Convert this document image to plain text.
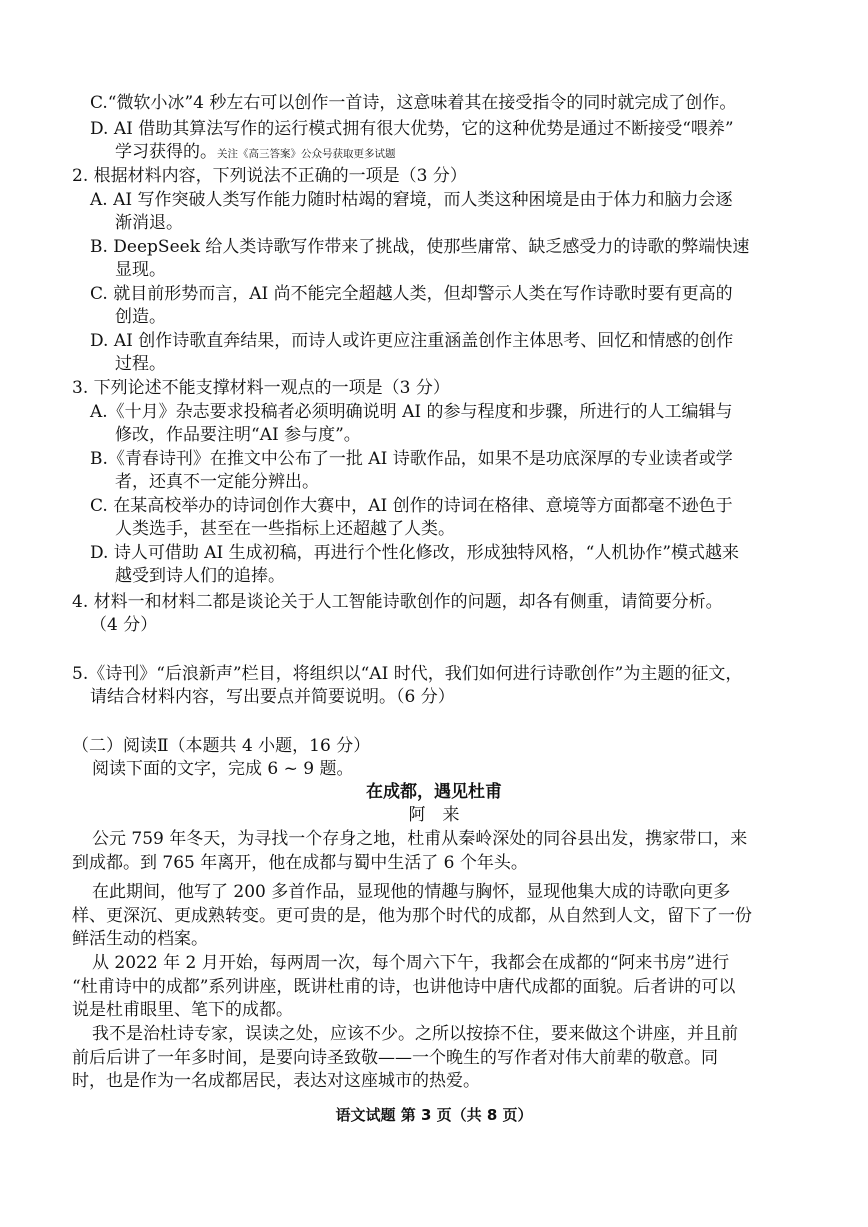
C.“微软小冰”4 秒左右可以创作一首诗，这意味着其在接受指令的同时就完成了创作。
D. AI 借助其算法写作的运行模式拥有很大优势，它的这种优势是通过不断接受“喂养”
学习获得的。关注《高三答案》公众号获取更多试题
2. 根据材料内容，下列说法不正确的一项是（3 分）
A. AI 写作突破人类写作能力随时枯竭的窘境，而人类这种困境是由于体力和脑力会逐
渐消退。
B. DeepSeek 给人类诗歌写作带来了挑战，使那些庸常、缺乏感受力的诗歌的弊端快速
显现。
C. 就目前形势而言，AI 尚不能完全超越人类，但却警示人类在写作诗歌时要有更高的
创造。
D. AI 创作诗歌直奔结果，而诗人或许更应注重涵盖创作主体思考、回忆和情感的创作
过程。
3. 下列论述不能支撑材料一观点的一项是（3 分）
A.《十月》杂志要求投稿者必须明确说明 AI 的参与程度和步骤，所进行的人工编辑与
修改，作品要注明“AI 参与度”。
B.《青春诗刊》在推文中公布了一批 AI 诗歌作品，如果不是功底深厚的专业读者或学
者，还真不一定能分辨出。
C. 在某高校举办的诗词创作大赛中，AI 创作的诗词在格律、意境等方面都毫不逊色于
人类选手，甚至在一些指标上还超越了人类。
D. 诗人可借助 AI 生成初稿，再进行个性化修改，形成独特风格，“人机协作”模式越来
越受到诗人们的追捧。
4. 材料一和材料二都是谈论关于人工智能诗歌创作的问题，却各有侧重，请简要分析。
（4 分）
5.《诗刊》“后浪新声”栏目，将组织以“AI 时代，我们如何进行诗歌创作”为主题的征文，
请结合材料内容，写出要点并简要说明。（6 分）
（二）阅读Ⅱ（本题共 4 小题，16 分）
阅读下面的文字，完成 6 ~ 9 题。
在成都，遇见杜甫
阿　来
公元 759 年冬天，为寻找一个存身之地，杜甫从秦岭深处的同谷县出发，携家带口，来
到成都。到 765 年离开，他在成都与蜀中生活了 6 个年头。
在此期间，他写了 200 多首作品，显现他的情趣与胸怀，显现他集大成的诗歌向更多
样、更深沉、更成熟转变。更可贵的是，他为那个时代的成都，从自然到人文，留下了一份
鲜活生动的档案。
从 2022 年 2 月开始，每两周一次，每个周六下午，我都会在成都的“阿来书房”进行
“杜甫诗中的成都”系列讲座，既讲杜甫的诗，也讲他诗中唐代成都的面貌。后者讲的可以
说是杜甫眼里、笔下的成都。
我不是治杜诗专家，误读之处，应该不少。之所以按捺不住，要来做这个讲座，并且前
前后后讲了一年多时间，是要向诗圣致敬——一个晚生的写作者对伟大前辈的敬意。同
时，也是作为一名成都居民，表达对这座城市的热爱。
语文试题 第 3 页（共 8 页）
